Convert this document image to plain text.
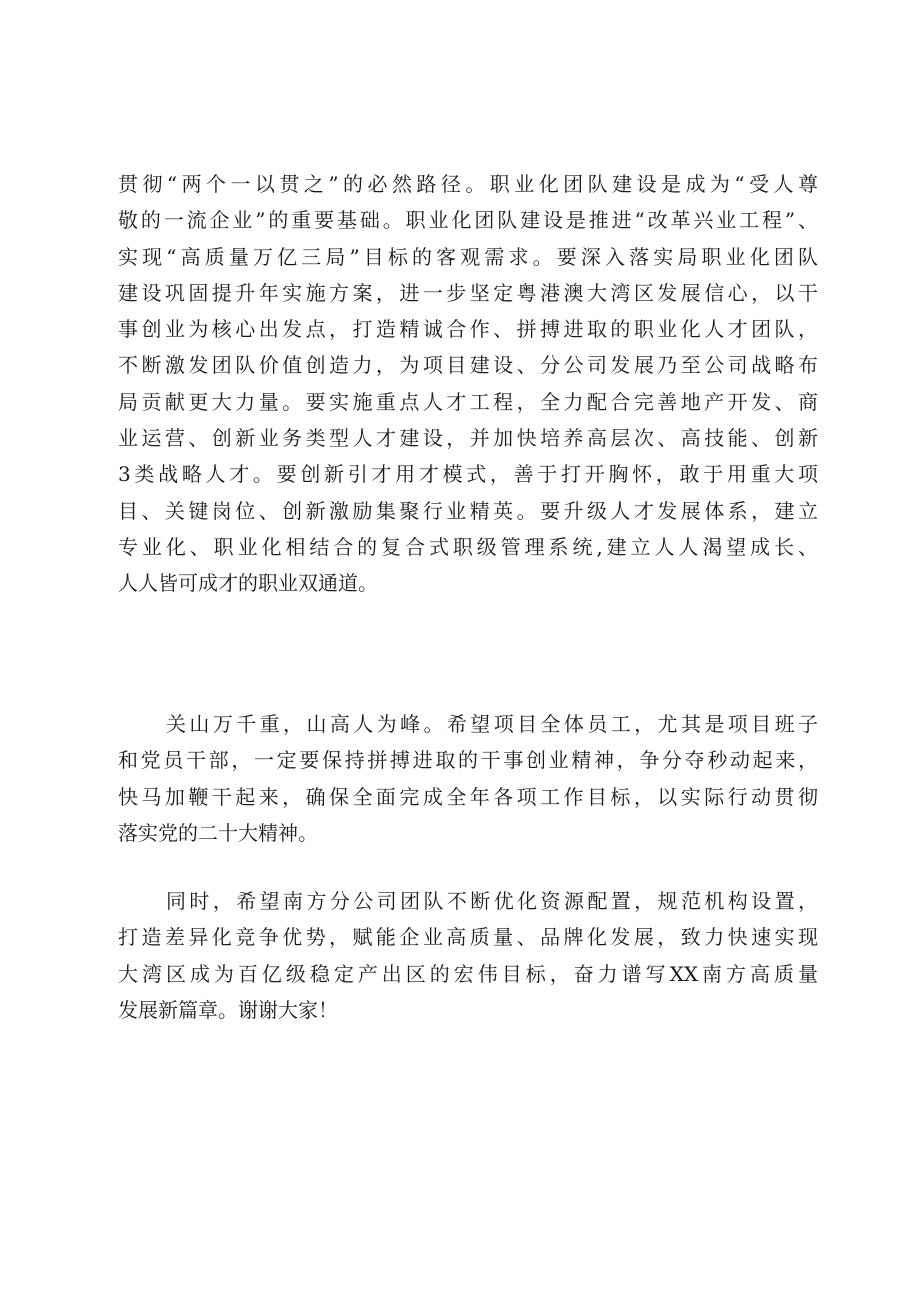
贯彻“两个一以贯之”的必然路径。职业化团队建设是成为“受人尊
敬的一流企业”的重要基础。职业化团队建设是推进“改革兴业工程”、
实现“高质量万亿三局”目标的客观需求。要深入落实局职业化团队
建设巩固提升年实施方案，进一步坚定粤港澳大湾区发展信心，以干
事创业为核心出发点，打造精诚合作、拼搏进取的职业化人才团队，
不断激发团队价值创造力，为项目建设、分公司发展乃至公司战略布
局贡献更大力量。要实施重点人才工程，全力配合完善地产开发、商
业运营、创新业务类型人才建设，并加快培养高层次、高技能、创新
3类战略人才。要创新引才用才模式，善于打开胸怀，敢于用重大项
目、关键岗位、创新激励集聚行业精英。要升级人才发展体系，建立
专业化、职业化相结合的复合式职级管理系统,建立人人渴望成长、
人人皆可成才的职业双通道。
关山万千重，山高人为峰。希望项目全体员工，尤其是项目班子
和党员干部，一定要保持拼搏进取的干事创业精神，争分夺秒动起来，
快马加鞭干起来，确保全面完成全年各项工作目标，以实际行动贯彻
落实党的二十大精神。
同时，希望南方分公司团队不断优化资源配置，规范机构设置，
打造差异化竞争优势，赋能企业高质量、品牌化发展，致力快速实现
大湾区成为百亿级稳定产出区的宏伟目标，奋力谱写XX南方高质量
发展新篇章。谢谢大家！
